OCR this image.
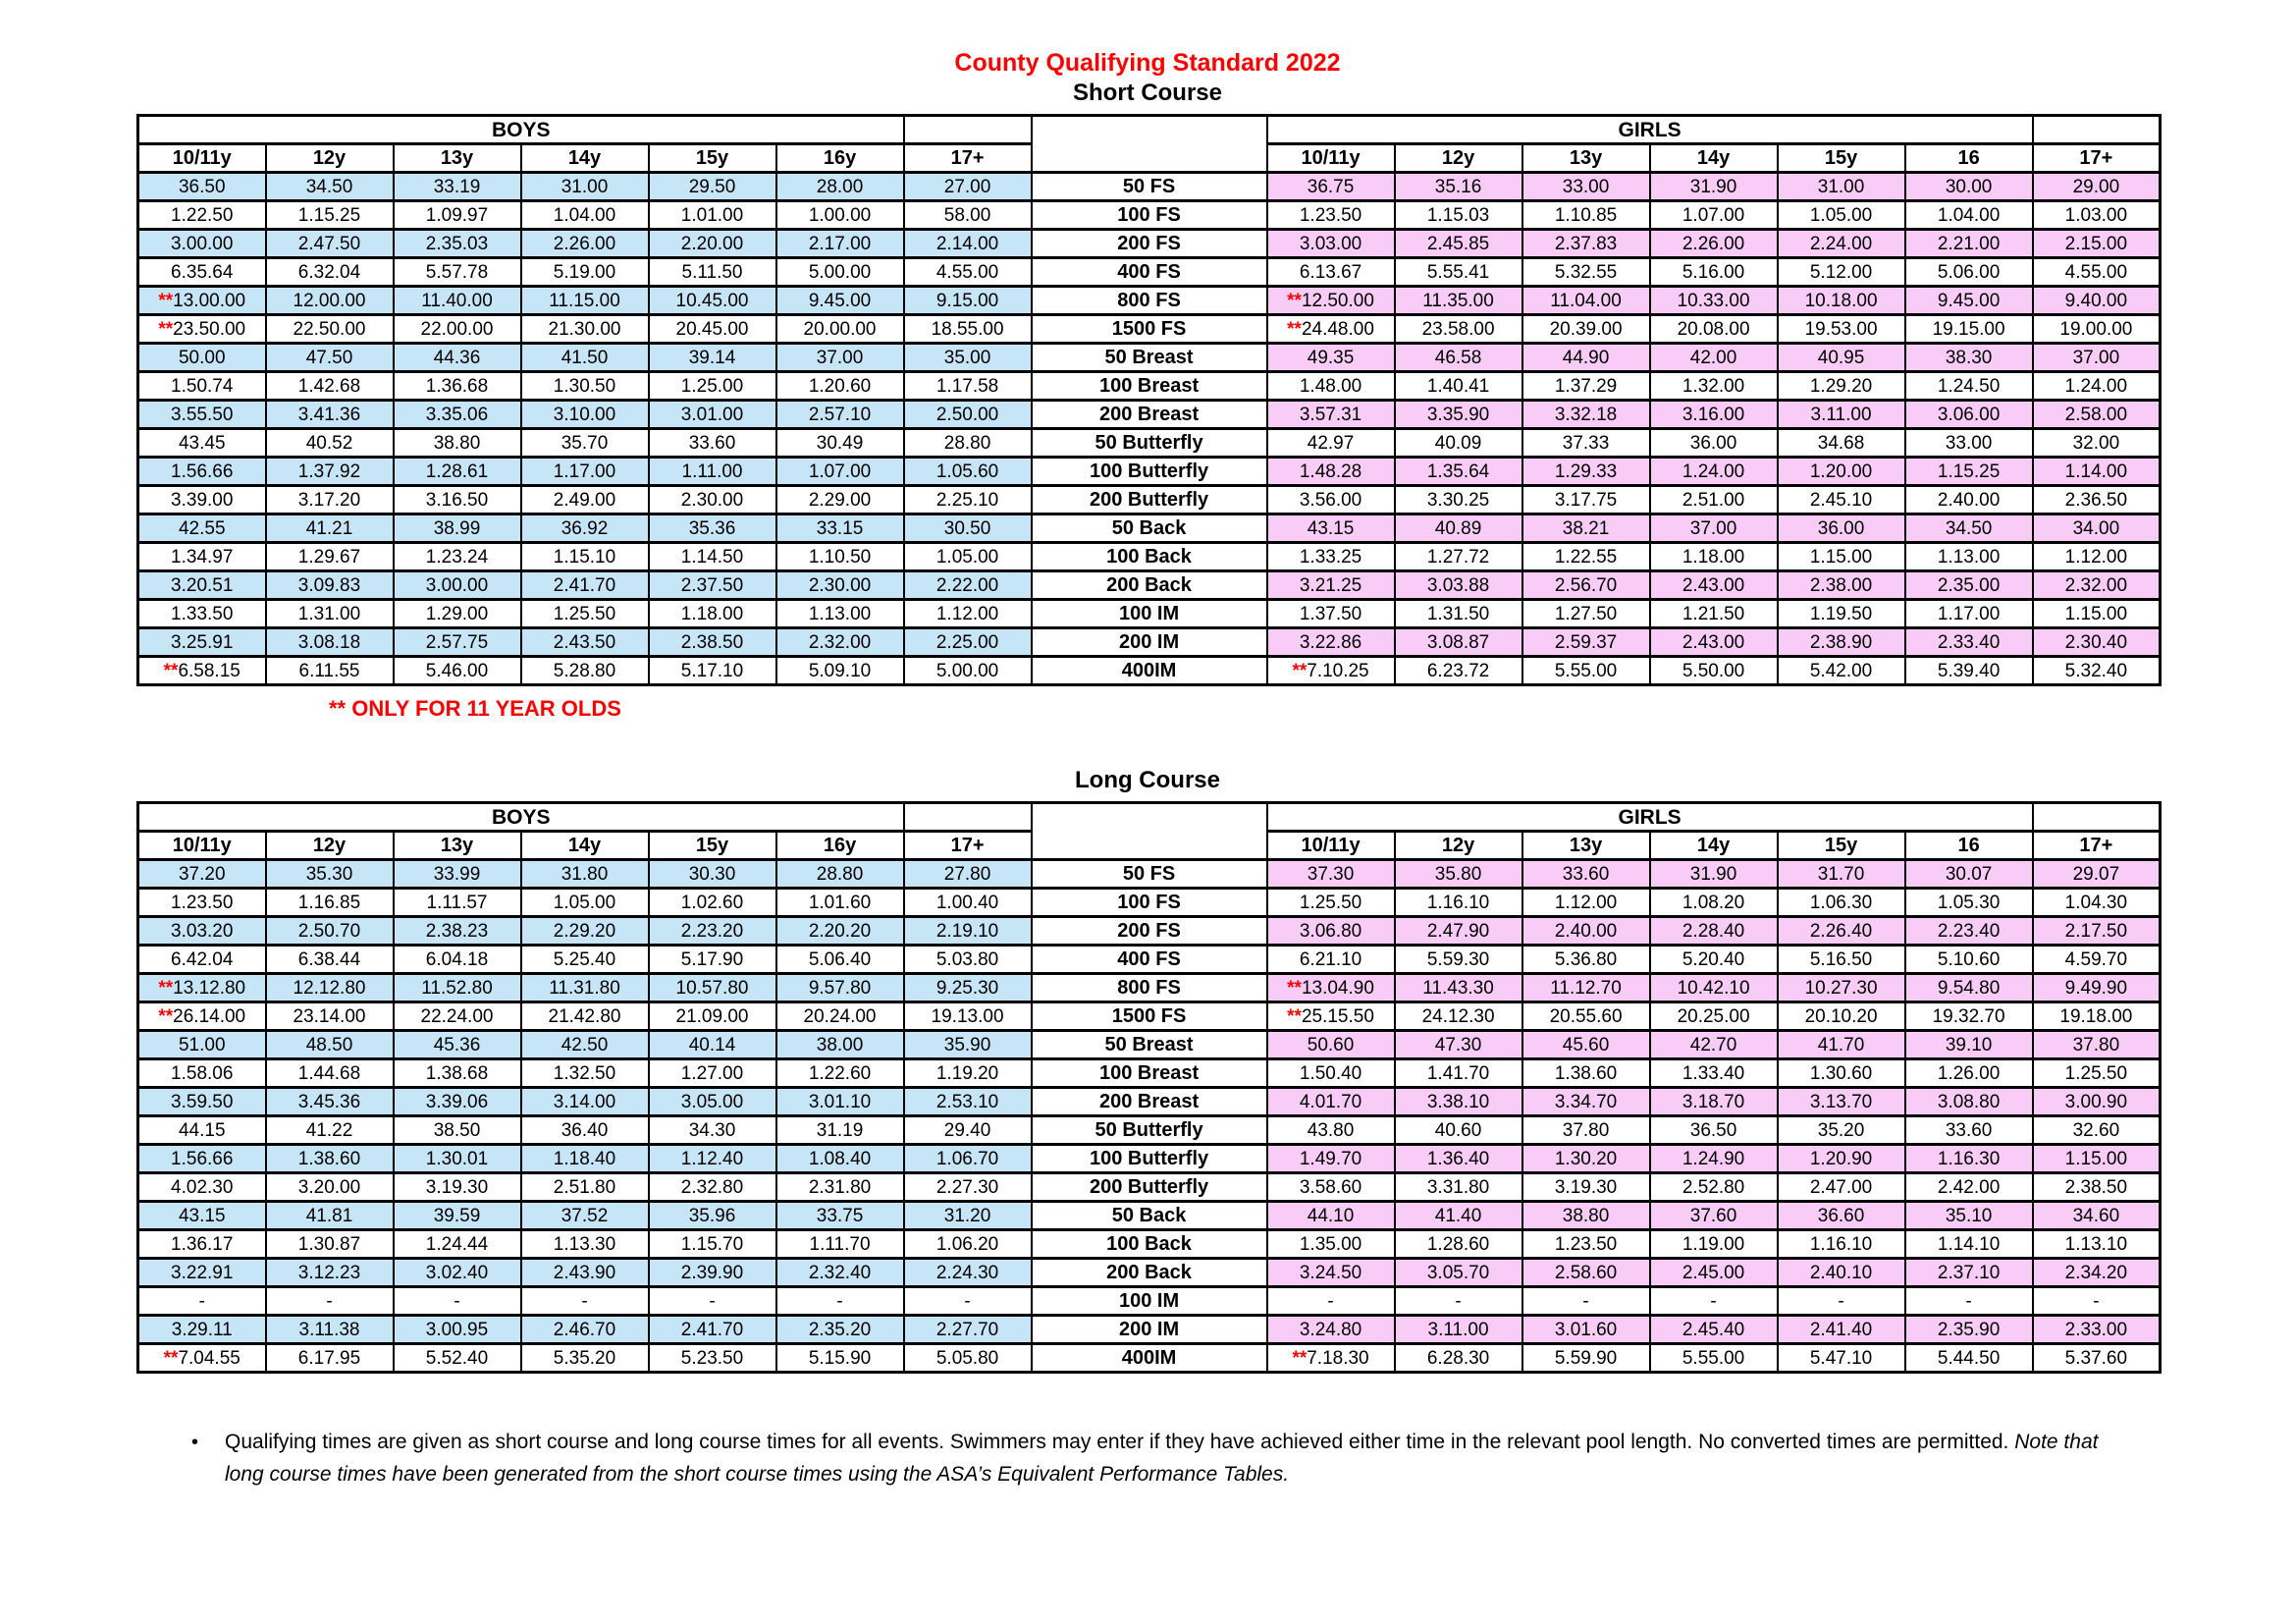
County Qualifying Standard 2022
Short Course
BOYS								GIRLS						
10/11y	12y	13y	14y	15y	16y	17+		10/11y	12y	13y	14y	15y	16	17+
36.50	34.50	33.19	31.00	29.50	28.00	27.00	50 FS	36.75	35.16	33.00	31.90	31.00	30.00	29.00
1.22.50	1.15.25	1.09.97	1.04.00	1.01.00	1.00.00	58.00	100 FS	1.23.50	1.15.03	1.10.85	1.07.00	1.05.00	1.04.00	1.03.00
3.00.00	2.47.50	2.35.03	2.26.00	2.20.00	2.17.00	2.14.00	200 FS	3.03.00	2.45.85	2.37.83	2.26.00	2.24.00	2.21.00	2.15.00
6.35.64	6.32.04	5.57.78	5.19.00	5.11.50	5.00.00	4.55.00	400 FS	6.13.67	5.55.41	5.32.55	5.16.00	5.12.00	5.06.00	4.55.00
**13.00.00	12.00.00	11.40.00	11.15.00	10.45.00	9.45.00	9.15.00	800 FS	**12.50.00	11.35.00	11.04.00	10.33.00	10.18.00	9.45.00	9.40.00
**23.50.00	22.50.00	22.00.00	21.30.00	20.45.00	20.00.00	18.55.00	1500 FS	**24.48.00	23.58.00	20.39.00	20.08.00	19.53.00	19.15.00	19.00.00
50.00	47.50	44.36	41.50	39.14	37.00	35.00	50 Breast	49.35	46.58	44.90	42.00	40.95	38.30	37.00
1.50.74	1.42.68	1.36.68	1.30.50	1.25.00	1.20.60	1.17.58	100 Breast	1.48.00	1.40.41	1.37.29	1.32.00	1.29.20	1.24.50	1.24.00
3.55.50	3.41.36	3.35.06	3.10.00	3.01.00	2.57.10	2.50.00	200 Breast	3.57.31	3.35.90	3.32.18	3.16.00	3.11.00	3.06.00	2.58.00
43.45	40.52	38.80	35.70	33.60	30.49	28.80	50 Butterfly	42.97	40.09	37.33	36.00	34.68	33.00	32.00
1.56.66	1.37.92	1.28.61	1.17.00	1.11.00	1.07.00	1.05.60	100 Butterfly	1.48.28	1.35.64	1.29.33	1.24.00	1.20.00	1.15.25	1.14.00
3.39.00	3.17.20	3.16.50	2.49.00	2.30.00	2.29.00	2.25.10	200 Butterfly	3.56.00	3.30.25	3.17.75	2.51.00	2.45.10	2.40.00	2.36.50
42.55	41.21	38.99	36.92	35.36	33.15	30.50	50 Back	43.15	40.89	38.21	37.00	36.00	34.50	34.00
1.34.97	1.29.67	1.23.24	1.15.10	1.14.50	1.10.50	1.05.00	100 Back	1.33.25	1.27.72	1.22.55	1.18.00	1.15.00	1.13.00	1.12.00
3.20.51	3.09.83	3.00.00	2.41.70	2.37.50	2.30.00	2.22.00	200 Back	3.21.25	3.03.88	2.56.70	2.43.00	2.38.00	2.35.00	2.32.00
1.33.50	1.31.00	1.29.00	1.25.50	1.18.00	1.13.00	1.12.00	100 IM	1.37.50	1.31.50	1.27.50	1.21.50	1.19.50	1.17.00	1.15.00
3.25.91	3.08.18	2.57.75	2.43.50	2.38.50	2.32.00	2.25.00	200 IM	3.22.86	3.08.87	2.59.37	2.43.00	2.38.90	2.33.40	2.30.40
**6.58.15	6.11.55	5.46.00	5.28.80	5.17.10	5.09.10	5.00.00	400IM	**7.10.25	6.23.72	5.55.00	5.50.00	5.42.00	5.39.40	5.32.40
** ONLY FOR 11 YEAR OLDS
Long Course
BOYS								GIRLS						
10/11y	12y	13y	14y	15y	16y	17+		10/11y	12y	13y	14y	15y	16	17+
37.20	35.30	33.99	31.80	30.30	28.80	27.80	50 FS	37.30	35.80	33.60	31.90	31.70	30.07	29.07
1.23.50	1.16.85	1.11.57	1.05.00	1.02.60	1.01.60	1.00.40	100 FS	1.25.50	1.16.10	1.12.00	1.08.20	1.06.30	1.05.30	1.04.30
3.03.20	2.50.70	2.38.23	2.29.20	2.23.20	2.20.20	2.19.10	200 FS	3.06.80	2.47.90	2.40.00	2.28.40	2.26.40	2.23.40	2.17.50
6.42.04	6.38.44	6.04.18	5.25.40	5.17.90	5.06.40	5.03.80	400 FS	6.21.10	5.59.30	5.36.80	5.20.40	5.16.50	5.10.60	4.59.70
**13.12.80	12.12.80	11.52.80	11.31.80	10.57.80	9.57.80	9.25.30	800 FS	**13.04.90	11.43.30	11.12.70	10.42.10	10.27.30	9.54.80	9.49.90
**26.14.00	23.14.00	22.24.00	21.42.80	21.09.00	20.24.00	19.13.00	1500 FS	**25.15.50	24.12.30	20.55.60	20.25.00	20.10.20	19.32.70	19.18.00
51.00	48.50	45.36	42.50	40.14	38.00	35.90	50 Breast	50.60	47.30	45.60	42.70	41.70	39.10	37.80
1.58.06	1.44.68	1.38.68	1.32.50	1.27.00	1.22.60	1.19.20	100 Breast	1.50.40	1.41.70	1.38.60	1.33.40	1.30.60	1.26.00	1.25.50
3.59.50	3.45.36	3.39.06	3.14.00	3.05.00	3.01.10	2.53.10	200 Breast	4.01.70	3.38.10	3.34.70	3.18.70	3.13.70	3.08.80	3.00.90
44.15	41.22	38.50	36.40	34.30	31.19	29.40	50 Butterfly	43.80	40.60	37.80	36.50	35.20	33.60	32.60
1.56.66	1.38.60	1.30.01	1.18.40	1.12.40	1.08.40	1.06.70	100 Butterfly	1.49.70	1.36.40	1.30.20	1.24.90	1.20.90	1.16.30	1.15.00
4.02.30	3.20.00	3.19.30	2.51.80	2.32.80	2.31.80	2.27.30	200 Butterfly	3.58.60	3.31.80	3.19.30	2.52.80	2.47.00	2.42.00	2.38.50
43.15	41.81	39.59	37.52	35.96	33.75	31.20	50 Back	44.10	41.40	38.80	37.60	36.60	35.10	34.60
1.36.17	1.30.87	1.24.44	1.13.30	1.15.70	1.11.70	1.06.20	100 Back	1.35.00	1.28.60	1.23.50	1.19.00	1.16.10	1.14.10	1.13.10
3.22.91	3.12.23	3.02.40	2.43.90	2.39.90	2.32.40	2.24.30	200 Back	3.24.50	3.05.70	2.58.60	2.45.00	2.40.10	2.37.10	2.34.20
-	-	-	-	-	-	-	100 IM	-	-	-	-	-	-	-
3.29.11	3.11.38	3.00.95	2.46.70	2.41.70	2.35.20	2.27.70	200 IM	3.24.80	3.11.00	3.01.60	2.45.40	2.41.40	2.35.90	2.33.00
**7.04.55	6.17.95	5.52.40	5.35.20	5.23.50	5.15.90	5.05.80	400IM	**7.18.30	6.28.30	5.59.90	5.55.00	5.47.10	5.44.50	5.37.60
• Qualifying times are given as short course and long course times for all events. Swimmers may enter if they have achieved either time in the relevant pool length. No converted times are permitted. Note that long course times have been generated from the short course times using the ASA’s Equivalent Performance Tables.
